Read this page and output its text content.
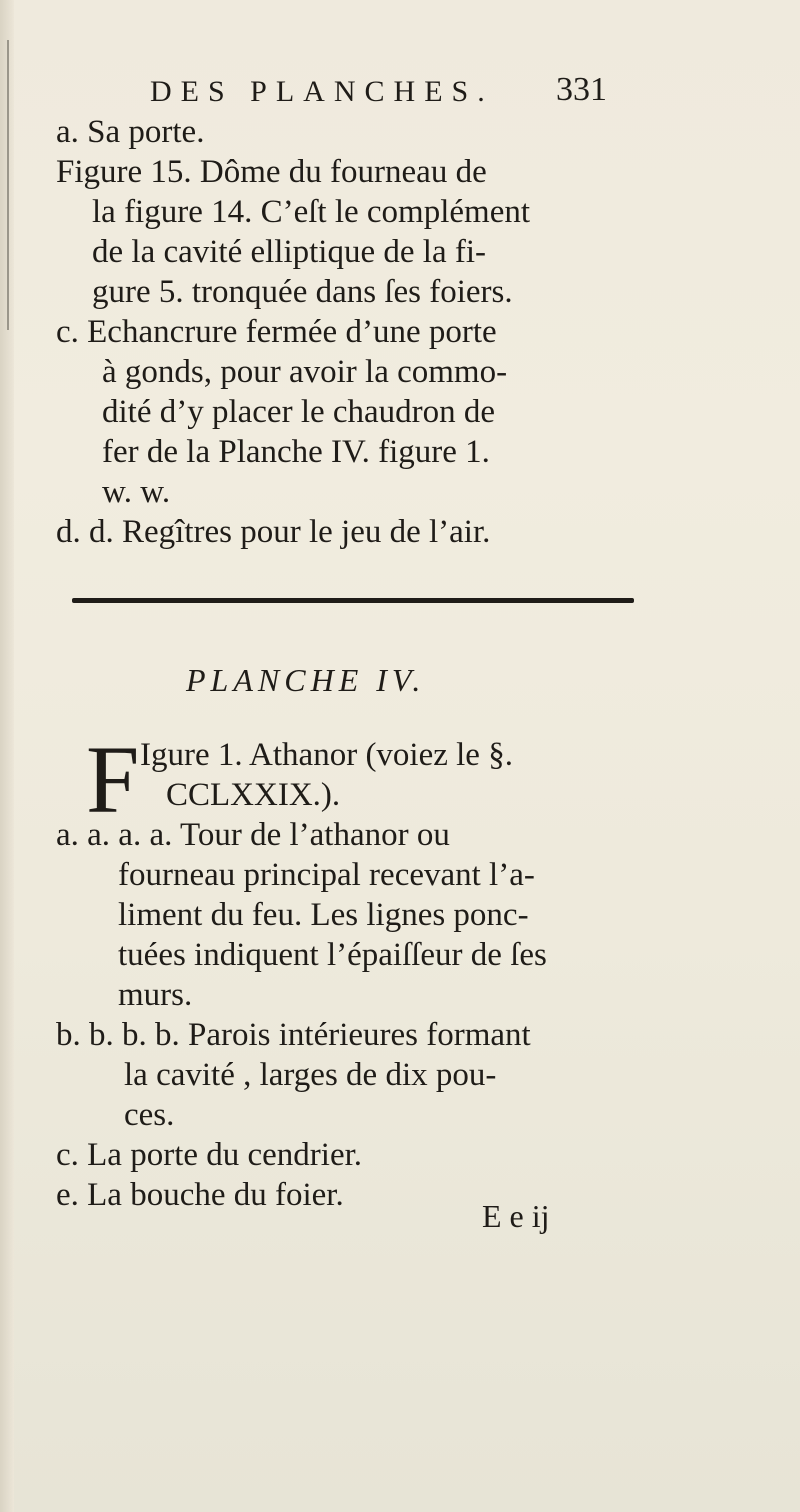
DES PLANCHES. 331
a. Sa porte.
Figure 15. Dôme du fourneau de
la figure 14. C’eſt le complément
de la cavité elliptique de la fi-
gure 5. tronquée dans ſes foiers.
c. Echancrure fermée d’une porte
à gonds, pour avoir la commo-
dité d’y placer le chaudron de
fer de la Planche IV. figure 1.
w. w.
d. d. Regîtres pour le jeu de l’air.
PLANCHE IV.
F Igure 1. Athanor (voiez le §.
CCLXXIX.).
a. a. a. a. Tour de l’athanor ou
fourneau principal recevant l’a-
liment du feu. Les lignes ponc-
tuées indiquent l’épaiſſeur de ſes
murs.
b. b. b. b. Parois intérieures formant
la cavité , larges de dix pou-
ces.
c. La porte du cendrier.
e. La bouche du foier.
E e ij
